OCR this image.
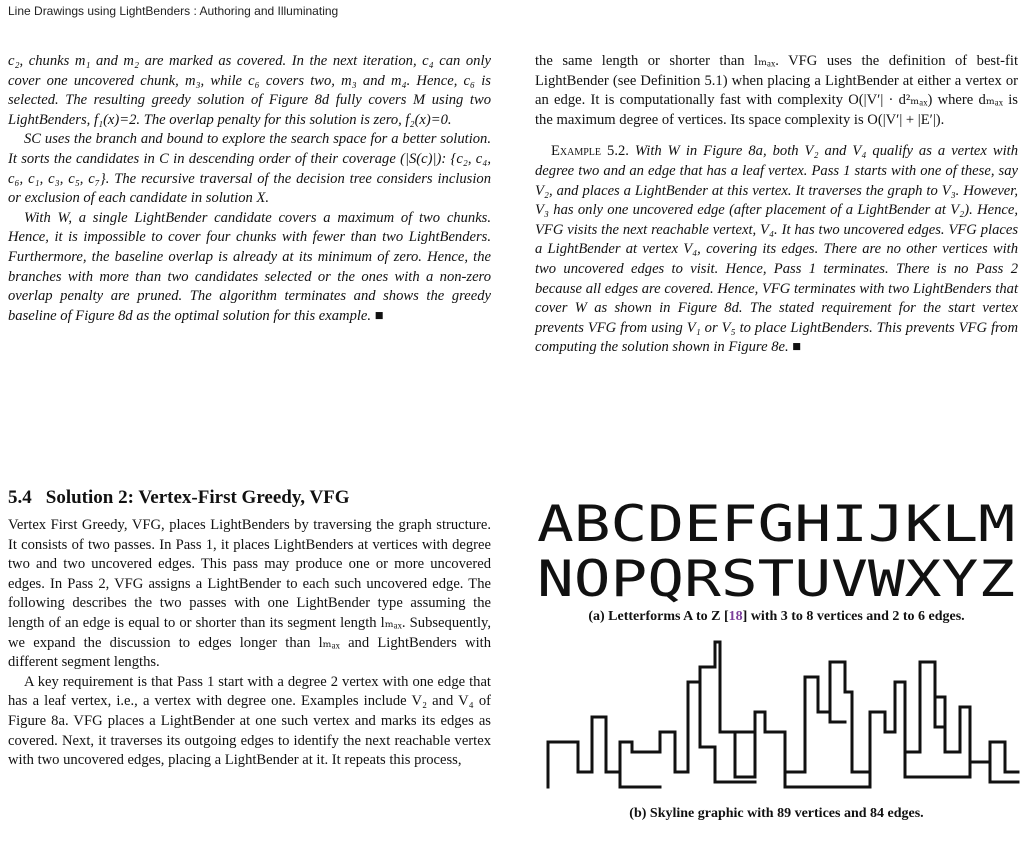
Line Drawings using LightBenders : Authoring and Illuminating

c₂, chunks m₁ and m₂ are marked as covered. In the next iteration, c₄ can only cover one uncovered chunk, m₃, while c₆ covers two, m₃ and m₄. Hence, c₆ is selected. The resulting greedy solution of Figure 8d fully covers M using two LightBenders, f₁(x)=2. The overlap penalty for this solution is zero, f₂(x)=0.

SC uses the branch and bound to explore the search space for a better solution. It sorts the candidates in C in descending order of their coverage (|S(c)|): {c₂, c₄, c₆, c₁, c₃, c₅, c₇}. The recursive traversal of the decision tree considers inclusion or exclusion of each candidate in solution X.

With W, a single LightBender candidate covers a maximum of two chunks. Hence, it is impossible to cover four chunks with fewer than two LightBenders. Furthermore, the baseline overlap is already at its minimum of zero. Hence, the branches with more than two candidates selected or the ones with a non-zero overlap penalty are pruned. The algorithm terminates and shows the greedy baseline of Figure 8d as the optimal solution for this example. ■

5.4 Solution 2: Vertex-First Greedy, VFG

Vertex First Greedy, VFG, places LightBenders by traversing the graph structure. It consists of two passes. In Pass 1, it places LightBenders at vertices with degree two and two uncovered edges. This pass may produce one or more uncovered edges. In Pass 2, VFG assigns a LightBender to each such uncovered edge. The following describes the two passes with one LightBender type assuming the length of an edge is equal to or shorter than its segment length lₘₐₓ. Subsequently, we expand the discussion to edges longer than lₘₐₓ and LightBenders with different segment lengths.

A key requirement is that Pass 1 start with a degree 2 vertex with one edge that has a leaf vertex, i.e., a vertex with degree one. Examples include V₂ and V₄ of Figure 8a. VFG places a LightBender at one such vertex and marks its edges as covered. Next, it traverses its outgoing edges to identify the next reachable vertex with two uncovered edges, placing a LightBender at it. It repeats this process,

the same length or shorter than lₘₐₓ. VFG uses the definition of best-fit LightBender (see Definition 5.1) when placing a LightBender at either a vertex or an edge. It is computationally fast with complexity O(|V′| · d²ₘₐₓ) where dₘₐₓ is the maximum degree of vertices. Its space complexity is O(|V′| + |E′|).

Example 5.2. With W in Figure 8a, both V₂ and V₄ qualify as a vertex with degree two and an edge that has a leaf vertex. Pass 1 starts with one of these, say V₂, and places a LightBender at this vertex. It traverses the graph to V₃. However, V₃ has only one uncovered edge (after placement of a LightBender at V₂). Hence, VFG visits the next reachable vertext, V₄. It has two uncovered edges. VFG places a LightBender at vertex V₄, covering its edges. There are no other vertices with two uncovered edges to visit. Hence, Pass 1 terminates. There is no Pass 2 because all edges are covered. Hence, VFG terminates with two LightBenders that cover W as shown in Figure 8d. The stated requirement for the start vertex prevents VFG from using V₁ or V₅ to place LightBenders. This prevents VFG from computing the solution shown in Figure 8e. ■

ABCDEFGHIJKLM
NOPQRSTUVWXYZ
(a) Letterforms A to Z [18] with 3 to 8 vertices and 2 to 6 edges.
(b) Skyline graphic with 89 vertices and 84 edges.
